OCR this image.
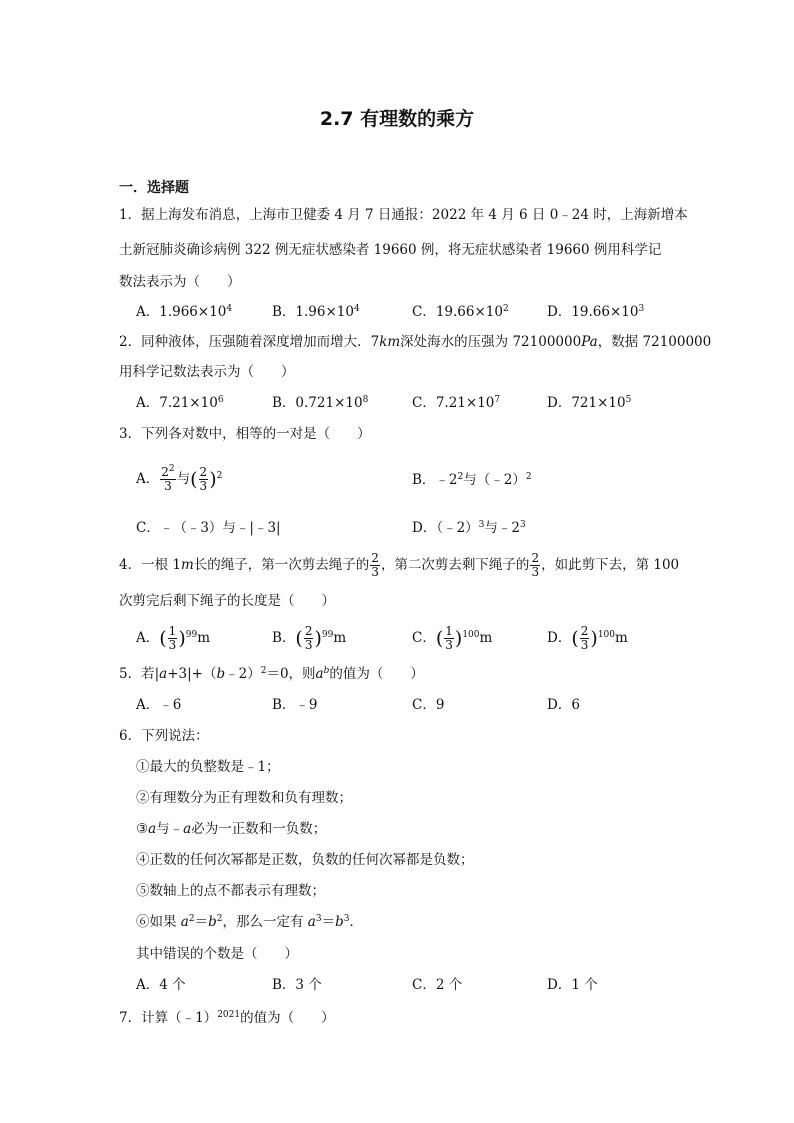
2.7 有理数的乘方
一．选择题
1．据上海发布消息，上海市卫健委 4 月 7 日通报：2022 年 4 月 6 日 0﹣24 时，上海新增本
土新冠肺炎确诊病例 322 例无症状感染者 19660 例，将无症状感染者 19660 例用科学记
数法表示为（　　）
A．$1.966\times 10^4$	B．$1.96\times 10^4$	C．$19.66\times 10^2$	D．$19.66\times 10^3$
2．同种液体，压强随着深度增加而增大．7km深处海水的压强为 72100000Pa，数据 72100000
用科学记数法表示为（　　）
A．$7.21\times 10^6$	B．$0.721\times 10^8$	C．$7.21\times 10^7$	D．$721\times 10^5$
3．下列各对数中，相等的一对是（　　）
A． $\frac{2^2}{3}$ 与( $\frac{2}{3} )^2$	B．$﹣2^2$与（﹣2）$^2$
C．﹣（﹣3）与﹣|﹣3|	D．（﹣2）$^3$与$﹣2^3$
4．一根 1m长的绳子，第一次剪去绳子的 $\frac{2}{3}$ ，第二次剪去剩下绳子的 $\frac{2}{3}$ ，如此剪下去，第 100
次剪完后剩下绳子的长度是（　　）
A．( $\frac{1}{3} )^{99}m$	B．( $\frac{2}{3} )^{99}m$	C．( $\frac{1}{3} )^{100}m$	D．( $\frac{2}{3} )^{100}m$
5．若|a+3|+（b﹣2）$^2$＝0，则$a^b$的值为（　　）
A．﹣6	B．﹣9	C．9	D．6
6．下列说法：
①最大的负整数是﹣1；
②有理数分为正有理数和负有理数；
③a与﹣a必为一正数和一负数；
④正数的任何次幂都是正数，负数的任何次幂都是负数；
⑤数轴上的点不都表示有理数；
⑥如果 $a^2=b^2$，那么一定有 $a^3=b^3$．
其中错误的个数是（　　）
A．4 个	B．3 个	C．2 个	D．1 个
7．计算（﹣1）$^{2021}$的值为（　　）
